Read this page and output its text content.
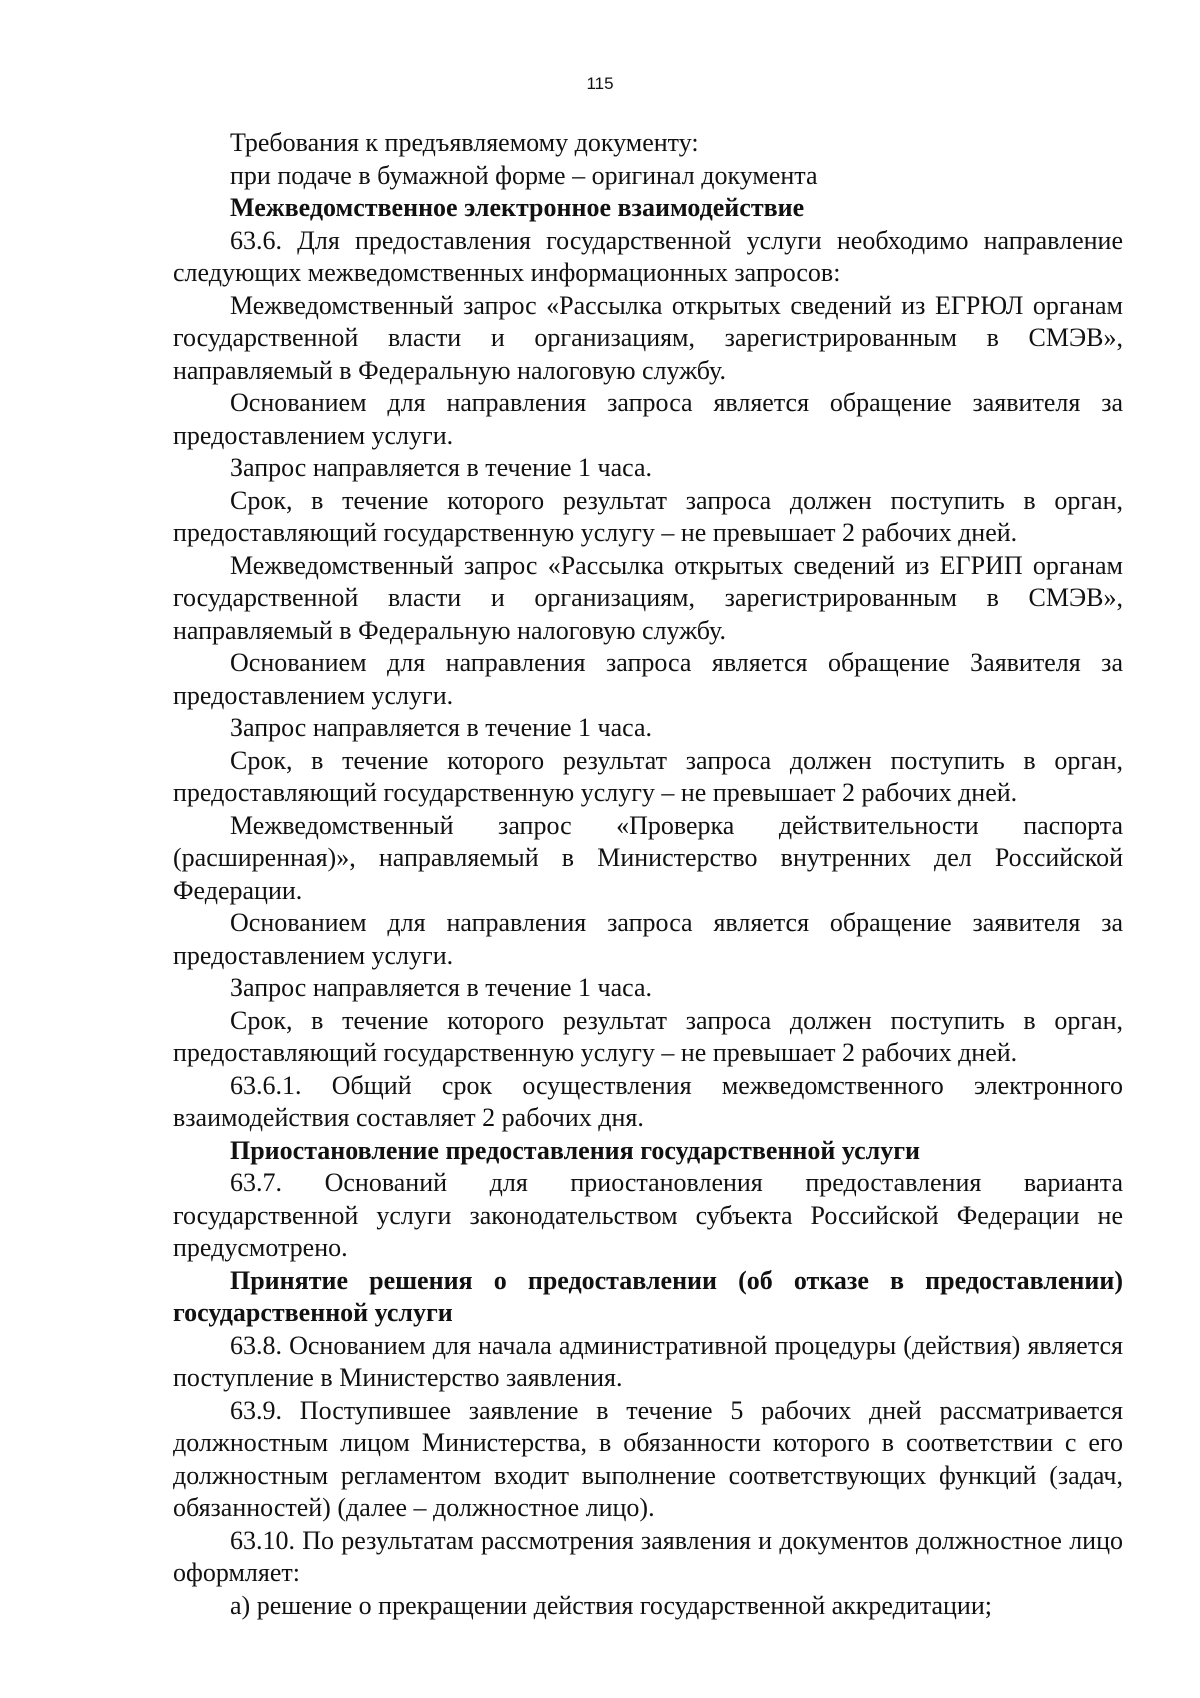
115

Требования к предъявляемому документу:

при подаче в бумажной форме – оригинал документа

Межведомственное электронное взаимодействие

63.6. Для предоставления государственной услуги необходимо направление следующих межведомственных информационных запросов:

Межведомственный запрос «Рассылка открытых сведений из ЕГРЮЛ органам государственной власти и организациям, зарегистрированным в СМЭВ», направляемый в Федеральную налоговую службу.

Основанием для направления запроса является обращение заявителя за предоставлением услуги.

Запрос направляется в течение 1 часа.

Срок, в течение которого результат запроса должен поступить в орган, предоставляющий государственную услугу – не превышает 2 рабочих дней.

Межведомственный запрос «Рассылка открытых сведений из ЕГРИП органам государственной власти и организациям, зарегистрированным в СМЭВ», направляемый в Федеральную налоговую службу.

Основанием для направления запроса является обращение Заявителя за предоставлением услуги.

Запрос направляется в течение 1 часа.

Срок, в течение которого результат запроса должен поступить в орган, предоставляющий государственную услугу – не превышает 2 рабочих дней.

Межведомственный запрос «Проверка действительности паспорта (расширенная)», направляемый в Министерство внутренних дел Российской Федерации.

Основанием для направления запроса является обращение заявителя за предоставлением услуги.

Запрос направляется в течение 1 часа.

Срок, в течение которого результат запроса должен поступить в орган, предоставляющий государственную услугу – не превышает 2 рабочих дней.

63.6.1. Общий срок осуществления межведомственного электронного взаимодействия составляет 2 рабочих дня.

Приостановление предоставления государственной услуги

63.7. Оснований для приостановления предоставления варианта государственной услуги законодательством субъекта Российской Федерации не предусмотрено.

Принятие решения о предоставлении (об отказе в предоставлении) государственной услуги

63.8. Основанием для начала административной процедуры (действия) является поступление в Министерство заявления.

63.9. Поступившее заявление в течение 5 рабочих дней рассматривается должностным лицом Министерства, в обязанности которого в соответствии с его должностным регламентом входит выполнение соответствующих функций (задач, обязанностей) (далее – должностное лицо).

63.10. По результатам рассмотрения заявления и документов должностное лицо оформляет:

а) решение о прекращении действия государственной аккредитации;
